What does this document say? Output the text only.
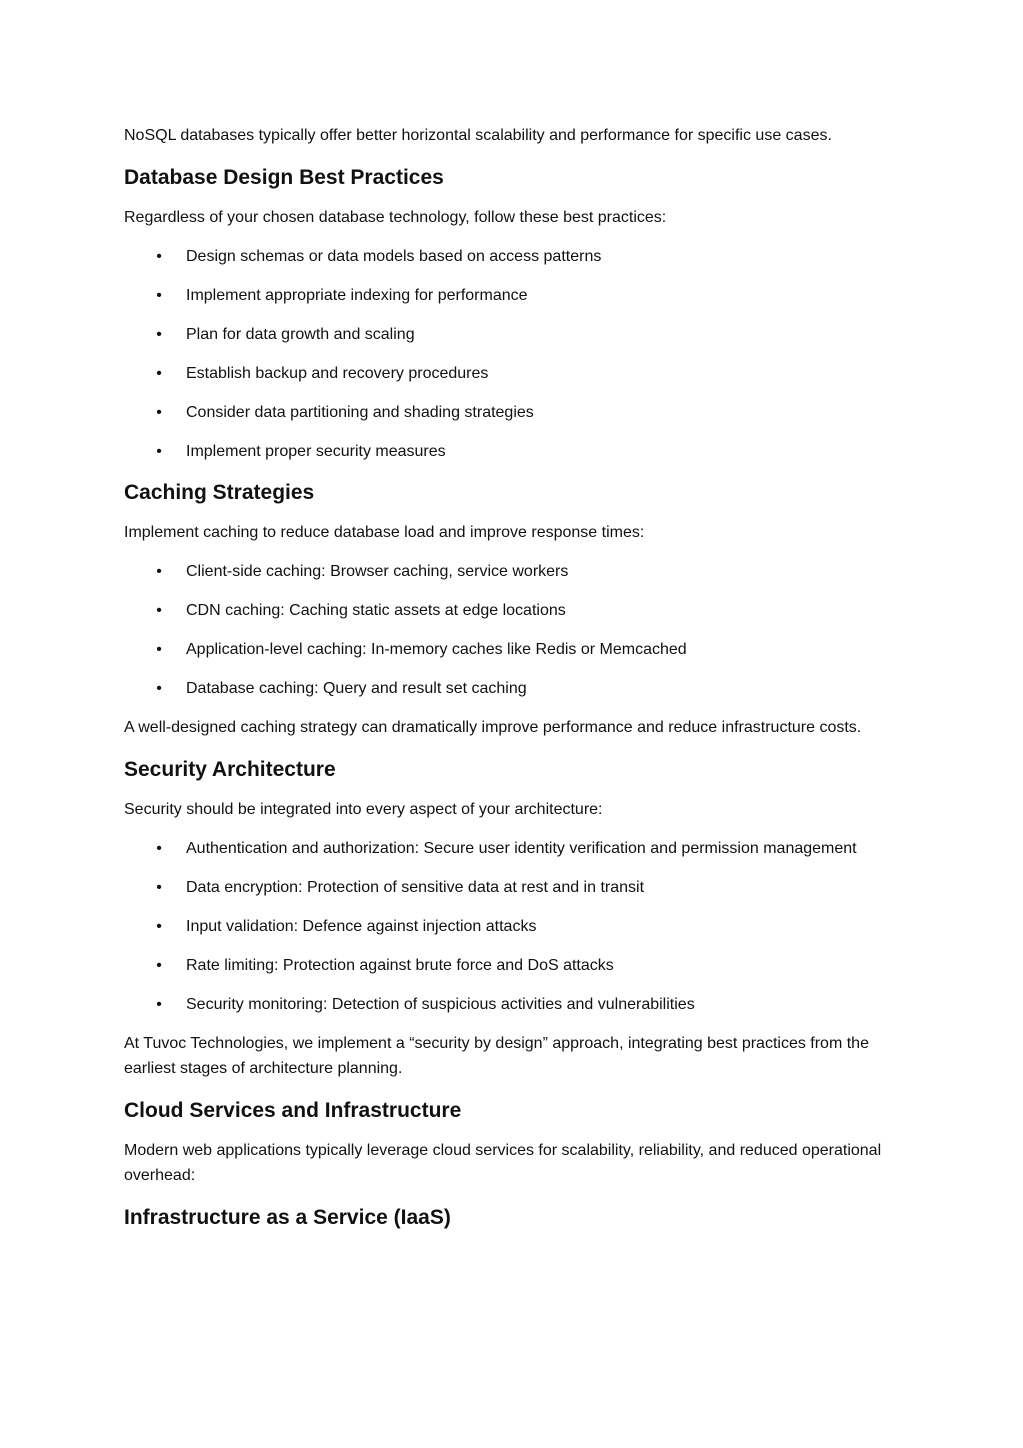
NoSQL databases typically offer better horizontal scalability and performance for specific use cases.

Database Design Best Practices

Regardless of your chosen database technology, follow these best practices:

• Design schemas or data models based on access patterns
• Implement appropriate indexing for performance
• Plan for data growth and scaling
• Establish backup and recovery procedures
• Consider data partitioning and shading strategies
• Implement proper security measures
Caching Strategies

Implement caching to reduce database load and improve response times:

• Client-side caching: Browser caching, service workers
• CDN caching: Caching static assets at edge locations
• Application-level caching: In-memory caches like Redis or Memcached
• Database caching: Query and result set caching

A well-designed caching strategy can dramatically improve performance and reduce infrastructure costs.

Security Architecture

Security should be integrated into every aspect of your architecture:

• Authentication and authorization: Secure user identity verification and permission management
• Data encryption: Protection of sensitive data at rest and in transit
• Input validation: Defence against injection attacks
• Rate limiting: Protection against brute force and DoS attacks
• Security monitoring: Detection of suspicious activities and vulnerabilities

At Tuvoc Technologies, we implement a “security by design” approach, integrating best practices from the earliest stages of architecture planning.

Cloud Services and Infrastructure

Modern web applications typically leverage cloud services for scalability, reliability, and reduced operational overhead:

Infrastructure as a Service (IaaS)
